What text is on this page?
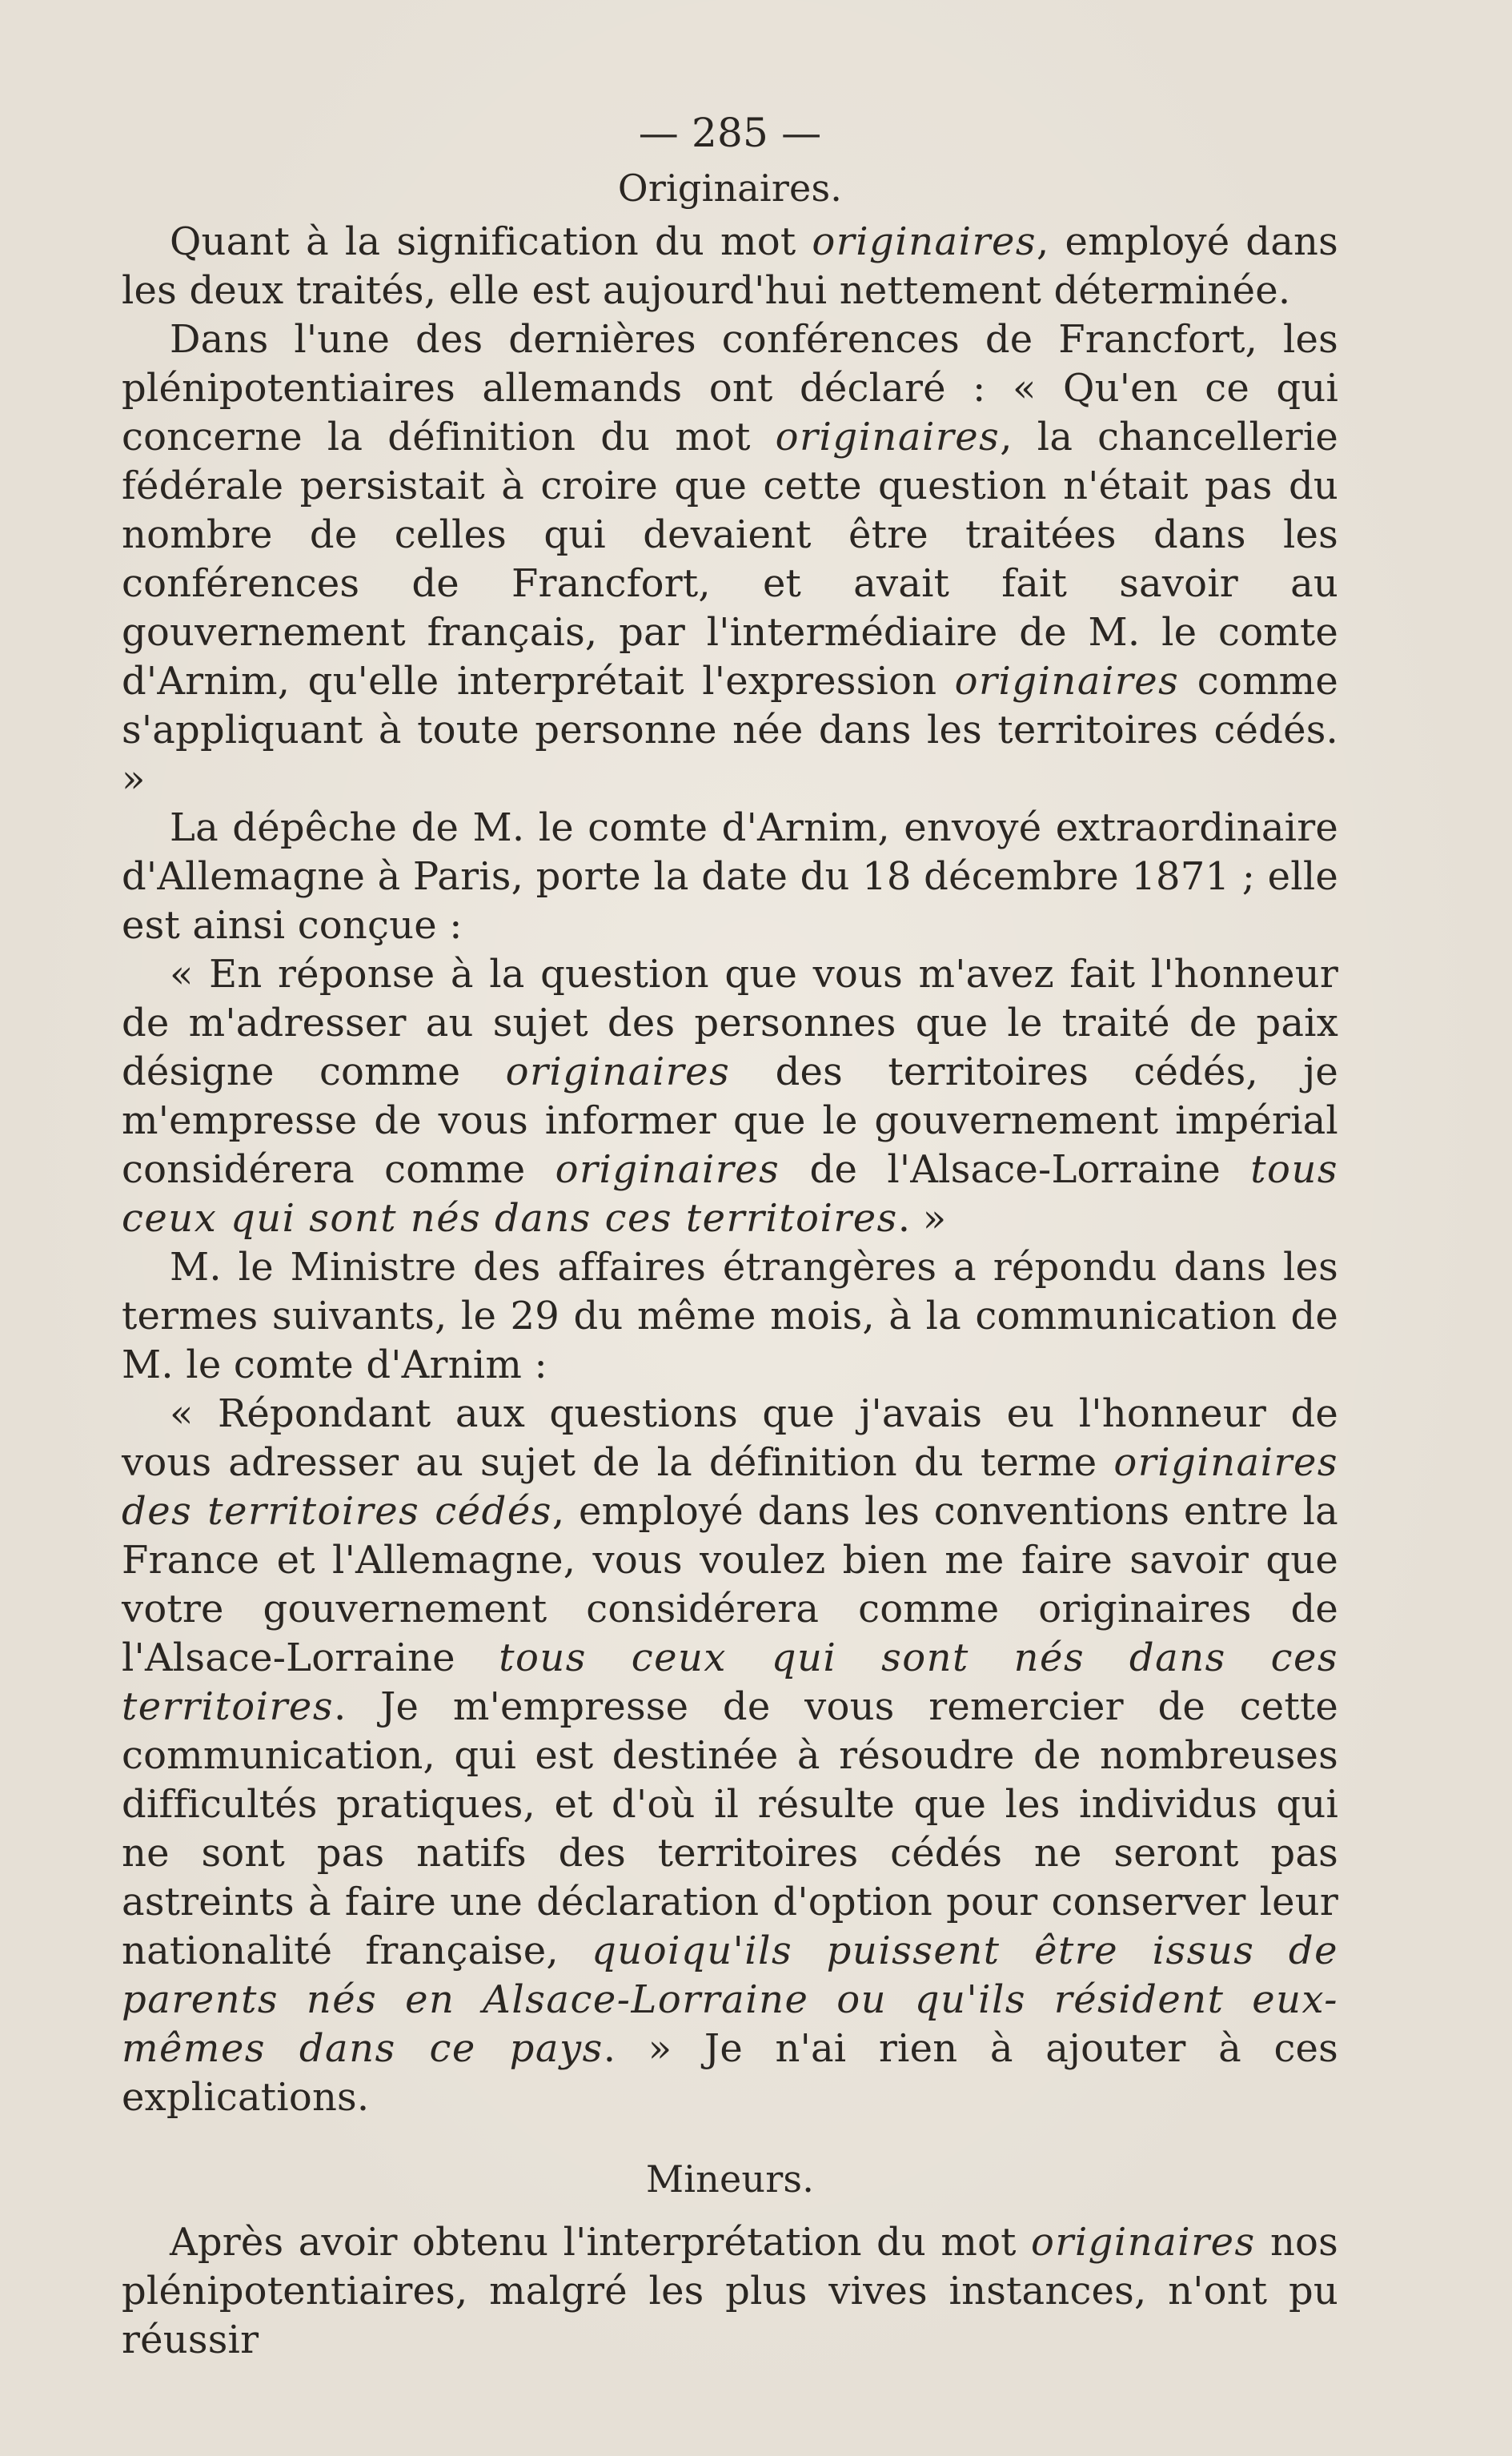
— 285 —
Originaires.

Quant à la signification du mot originaires, employé dans les deux traités, elle est aujourd'hui nettement déterminée.

Dans l'une des dernières conférences de Francfort, les plénipotentiaires allemands ont déclaré : « Qu'en ce qui concerne la définition du mot originaires, la chancellerie fédérale persistait à croire que cette question n'était pas du nombre de celles qui devaient être traitées dans les conférences de Francfort, et avait fait savoir au gouvernement français, par l'intermédiaire de M. le comte d'Arnim, qu'elle interprétait l'expression originaires comme s'appliquant à toute personne née dans les territoires cédés. »

La dépêche de M. le comte d'Arnim, envoyé extraordinaire d'Allemagne à Paris, porte la date du 18 décembre 1871 ; elle est ainsi conçue :

« En réponse à la question que vous m'avez fait l'honneur de m'adresser au sujet des personnes que le traité de paix désigne comme originaires des territoires cédés, je m'empresse de vous informer que le gouvernement impérial considérera comme originaires de l'Alsace-Lorraine tous ceux qui sont nés dans ces territoires. »

M. le Ministre des affaires étrangères a répondu dans les termes suivants, le 29 du même mois, à la communication de M. le comte d'Arnim :

« Répondant aux questions que j'avais eu l'honneur de vous adresser au sujet de la définition du terme originaires des territoires cédés, employé dans les conventions entre la France et l'Allemagne, vous voulez bien me faire savoir que votre gouvernement considérera comme originaires de l'Alsace-Lorraine tous ceux qui sont nés dans ces territoires. Je m'empresse de vous remercier de cette communication, qui est destinée à résoudre de nombreuses difficultés pratiques, et d'où il résulte que les individus qui ne sont pas natifs des territoires cédés ne seront pas astreints à faire une déclaration d'option pour conserver leur nationalité française, quoiqu'ils puissent être issus de parents nés en Alsace-Lorraine ou qu'ils résident eux-mêmes dans ce pays. » Je n'ai rien à ajouter à ces explications.

Mineurs.

Après avoir obtenu l'interprétation du mot originaires nos plénipotentiaires, malgré les plus vives instances, n'ont pu réussir
